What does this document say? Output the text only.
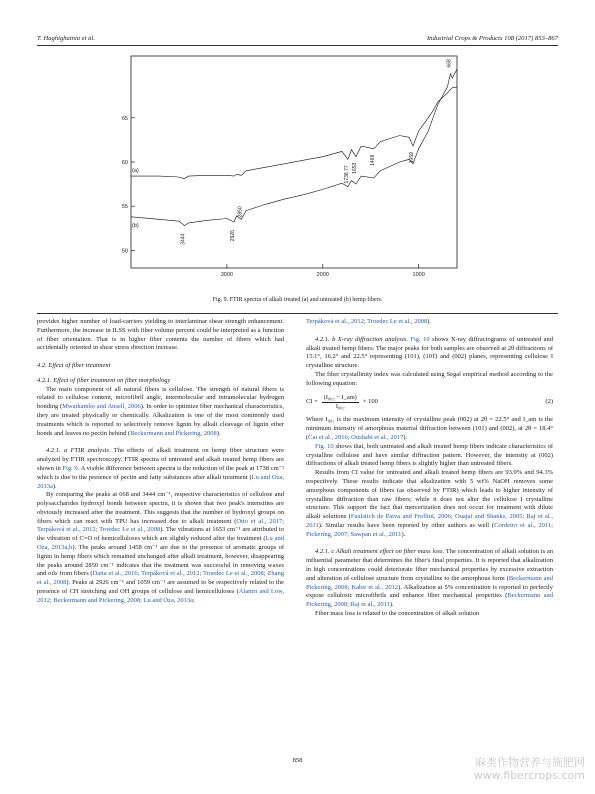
T. Haghighatnia et al.	Industrial Crops & Products 108 (2017) 853–867
50
55
60
65
3000	2000	1000
(a)
(b)
3444	2926
2850
1738.77 1653
1468	1059
668
Fig. 9. FTIR spectra of alkali treated (a) and untreated (b) hemp fibers.

provides higher number of load-carriers yielding to interlaminar shear strength enhancement. Furthermore, the increase in ILSS with fiber volume percent could be interpreted as a function of fiber orientation. That is in higher fiber contents the number of fibers which had accidentally oriented in shear stress direction increase.

4.2. Effect of fiber treatment

4.2.1. Effect of fiber treatment on fiber morphology

The main component of all natural fibers is cellulose. The strength of natural fibers is related to cellulose content, microfibril angle, intermolecular and intramolecular hydrogen bonding (Mwaikambo and Ansell, 2006). In order to optimize fiber mechanical characteristics, they are treated physically or chemically. Alkalization is one of the most commonly used treatments which is reported to selectively remove lignin by alkali cleavage of lignin ether bonds and leaves no pectin behind (Beckermann and Pickering, 2008).

4.2.1. a FTIR analysis. The effects of alkali treatment on hemp fiber structure were analyzed by FTIR spectroscopy. FTIR spectra of untreated and alkali treated hemp fibers are shown in Fig. 9. A visible difference between spectra is the reduction of the peak at 1738 cm⁻¹ which is due to the presence of pectin and fatty substances after alkali treatment (Lu and Oza, 2013a).

By comparing the peaks at 668 and 3444 cm⁻¹, respective characteristics of cellulose and polysaccharides hydroxyl bonds between spectra, it is shown that two peak's intensities are obviously increased after the treatment. This suggests that the number of hydroxyl groups on fibers which can react with TPU has increased due to alkali treatment (Otto et al., 2017; Terpáková et al., 2012; Troedec Le et al., 2008). The vibrations at 1653 cm⁻¹ are attributed to the vibration of C=O of hemicelluloses which are slightly reduced after the treatment (Lu and Oza, 2013a,b). The peaks around 1458 cm⁻¹ are due to the presence of aromatic groups of lignin in hemp fibers which remained unchanged after alkali treatment, however, disappearing the peaks around 2850 cm⁻¹ indicates that the treatment was successful in removing waxes and oils from fibers (Datta et al., 2016; Terpáková et al., 2012; Troedec Le et al., 2008; Zhang et al., 2008). Peaks at 2926 cm⁻¹ and 1059 cm⁻¹ are assumed to be respectively related to the presence of CH stretching and OH groups of cellulose and hemicelluloses (Alamri and Low, 2012; Beckermann and Pickering, 2008; Lu and Oza, 2013a;

Terpáková et al., 2012; Troedec Le et al., 2008).

4.2.1. b X-ray diffraction analysis. Fig. 10 shows X-ray diffractograms of untreated and alkali treated hemp fibers. The major peaks for both samples are observed at 2θ diffractions of 15.1°, 16.2° and 22.5° representing (101), (101̄) and (002) planes, representing cellulose I crystalline structure.

The fiber crystallinity index was calculated using Segal empirical method according to the following equation:

CI = $\frac{\text{(I₀₀₂ − I\_am)}}{\text{I₀₀₂}} \times 100$	(2)

Where I₀₀₂ is the maximum intensity of crystalline peak (002) at 2θ = 22.5° and I_am is the minimum intensity of amorphous material diffraction between (101) and (002), at 2θ = 18.4° (Cai et al., 2016; Oushabi et al., 2017).

Fig. 10 shows that, both untreated and alkali treated hemp fibers indicate characteristics of crystalline cellulose and have similar diffraction pattern. However, the intensity at (002) diffractions of alkali treated hemp fibers is slightly higher than untreated fibers.

Results from CI value for untreated and alkali treated hemp fibers are 93.9% and 94.3% respectively. These results indicate that alkalization with 5 wt% NaOH removes some amorphous components of fibers (as observed by FTIR) which leads to higher intensity of crystalline diffraction than raw fibers; while it does not alter the cellulose I crystalline structure. This support the fact that mercerization does not occur for treatment with dilute alkali solutions (Faulstich de Paiva and Frollini, 2006; Ouajai and Shanks, 2005; Raj et al., 2011). Similar results have been reported by other authors as well (Cordeiro et al., 2011; Pickering, 2007; Sawpan et al., 2011).

4.2.1. c Alkali treatment effect on fiber mass loss. The concentration of alkali solution is an influential parameter that determines the fiber's final properties. It is reported that alkalization in high concentrations could deteriorate fiber mechanical properties by excessive extraction and alteration of cellulose structure from crystalline to the amorphous form (Beckermann and Pickering, 2008; Kabir et al., 2012). Alkalization at 5% concentration is reported to perfectly expose cellulosic microfibrils and enhance fiber mechanical properties (Beckermann and Pickering, 2008; Raj et al., 2011).

Fiber mass loss is related to the concentration of alkali solution

858	麻类作物营养与施肥网
www.fibercrops.com
